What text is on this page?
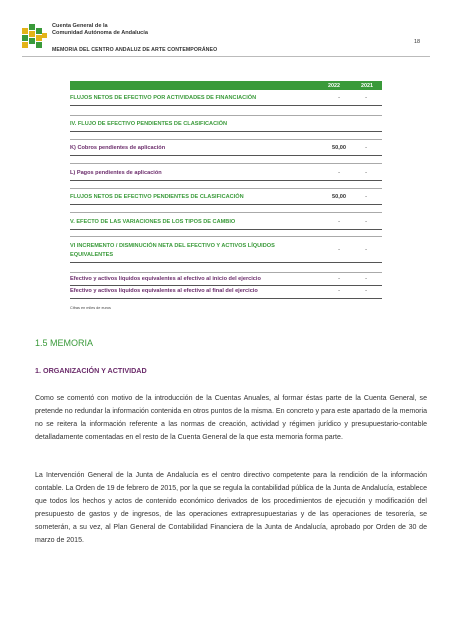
Cuenta General de la
Comunidad Autónoma de Andalucía
MEMORIA DEL CENTRO ANDALUZ DE ARTE CONTEMPORÁNEO
18
2022	2021
FLUJOS NETOS DE EFECTIVO POR ACTIVIDADES DE FINANCIACIÓN	-	-
IV. FLUJO DE EFECTIVO PENDIENTES DE CLASIFICACIÓN
K) Cobros pendientes de aplicación	50,00	-
L) Pagos pendientes de aplicación	-	-
FLUJOS NETOS DE EFECTIVO PENDIENTES DE CLASIFICACIÓN	50,00	-
V. EFECTO DE LAS VARIACIONES DE LOS TIPOS DE CAMBIO	-	-
VI INCREMENTO / DISMINUCIÓN NETA DEL EFECTIVO Y ACTIVOS LÍQUIDOS
EQUIVALENTES
-	-
Efectivo y activos líquidos equivalentes al efectivo al inicio del ejercicio	-	-
Efectivo y activos líquidos equivalentes al efectivo al final del ejercicio	-	-
Cifras en miles de euros
1.5 MEMORIA
1. ORGANIZACIÓN Y ACTIVIDAD

Como se comentó con motivo de la introducción de la Cuentas Anuales, al formar éstas parte de la Cuenta General, se pretende no redundar la información contenida en otros puntos de la misma. En concreto y para este apartado de la memoria no se reitera la información referente a las normas de creación, actividad y régimen jurídico y presupuestario-contable detalladamente comentadas en el resto de la Cuenta General de la que esta memoria forma parte.

La Intervención General de la Junta de Andalucía es el centro directivo competente para la rendición de la información contable. La Orden de 19 de febrero de 2015, por la que se regula la contabilidad pública de la Junta de Andalucía, establece que todos los hechos y actos de contenido económico derivados de los procedimientos de ejecución y modificación del presupuesto de gastos y de ingresos, de las operaciones extrapresupuestarias y de las operaciones de tesorería, se someterán, a su vez, al Plan General de Contabilidad Financiera de la Junta de Andalucía, aprobado por Orden de 30 de marzo de 2015.
